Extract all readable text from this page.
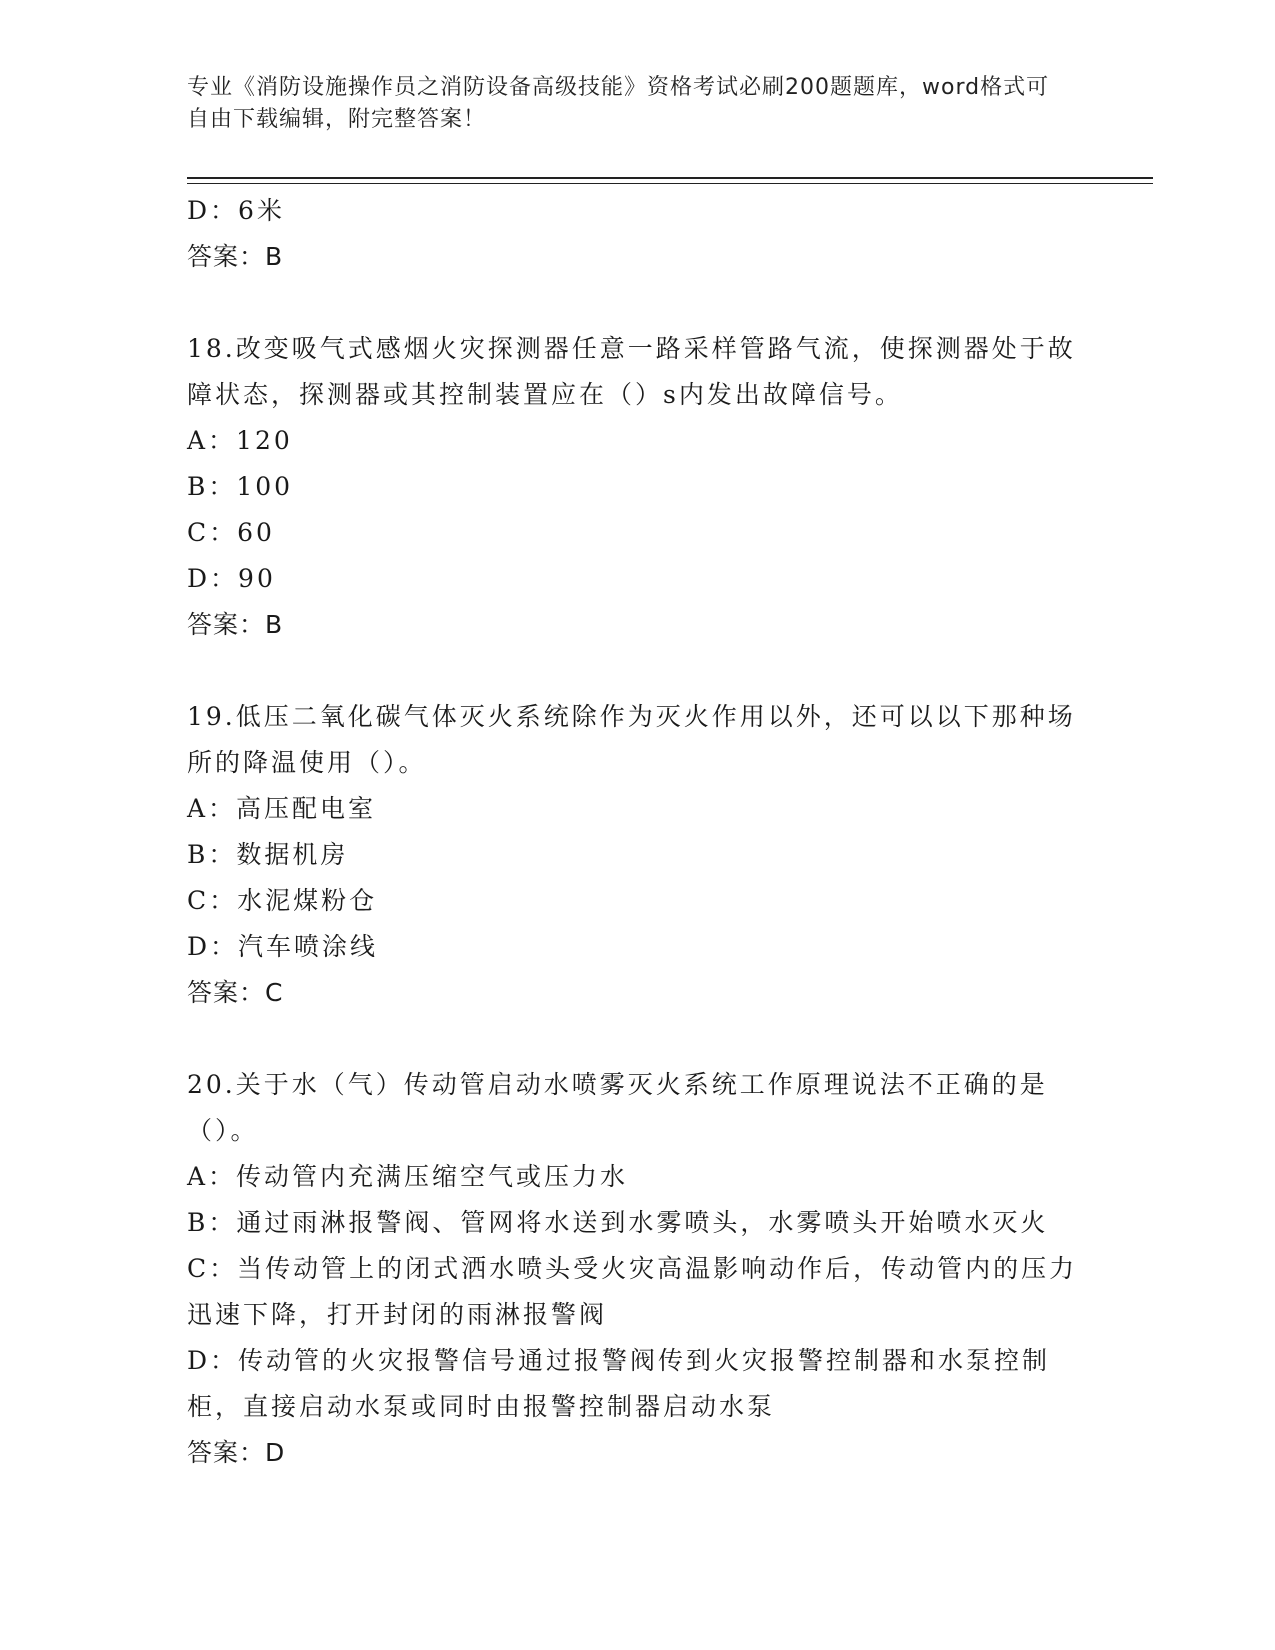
专业《消防设施操作员之消防设备高级技能》资格考试必刷200题题库，word格式可自由下载编辑，附完整答案！
D：6米
答案：B
18.改变吸气式感烟火灾探测器任意一路采样管路气流，使探测器处于故障状态，探测器或其控制装置应在（）s内发出故障信号。
A：120
B：100
C：60
D：90
答案：B
19.低压二氧化碳气体灭火系统除作为灭火作用以外，还可以以下那种场所的降温使用（）。
A：高压配电室
B：数据机房
C：水泥煤粉仓
D：汽车喷涂线
答案：C
20.关于水（气）传动管启动水喷雾灭火系统工作原理说法不正确的是（）。
A：传动管内充满压缩空气或压力水
B：通过雨淋报警阀、管网将水送到水雾喷头，水雾喷头开始喷水灭火
C：当传动管上的闭式洒水喷头受火灾高温影响动作后，传动管内的压力迅速下降，打开封闭的雨淋报警阀
D：传动管的火灾报警信号通过报警阀传到火灾报警控制器和水泵控制柜，直接启动水泵或同时由报警控制器启动水泵
答案：D
